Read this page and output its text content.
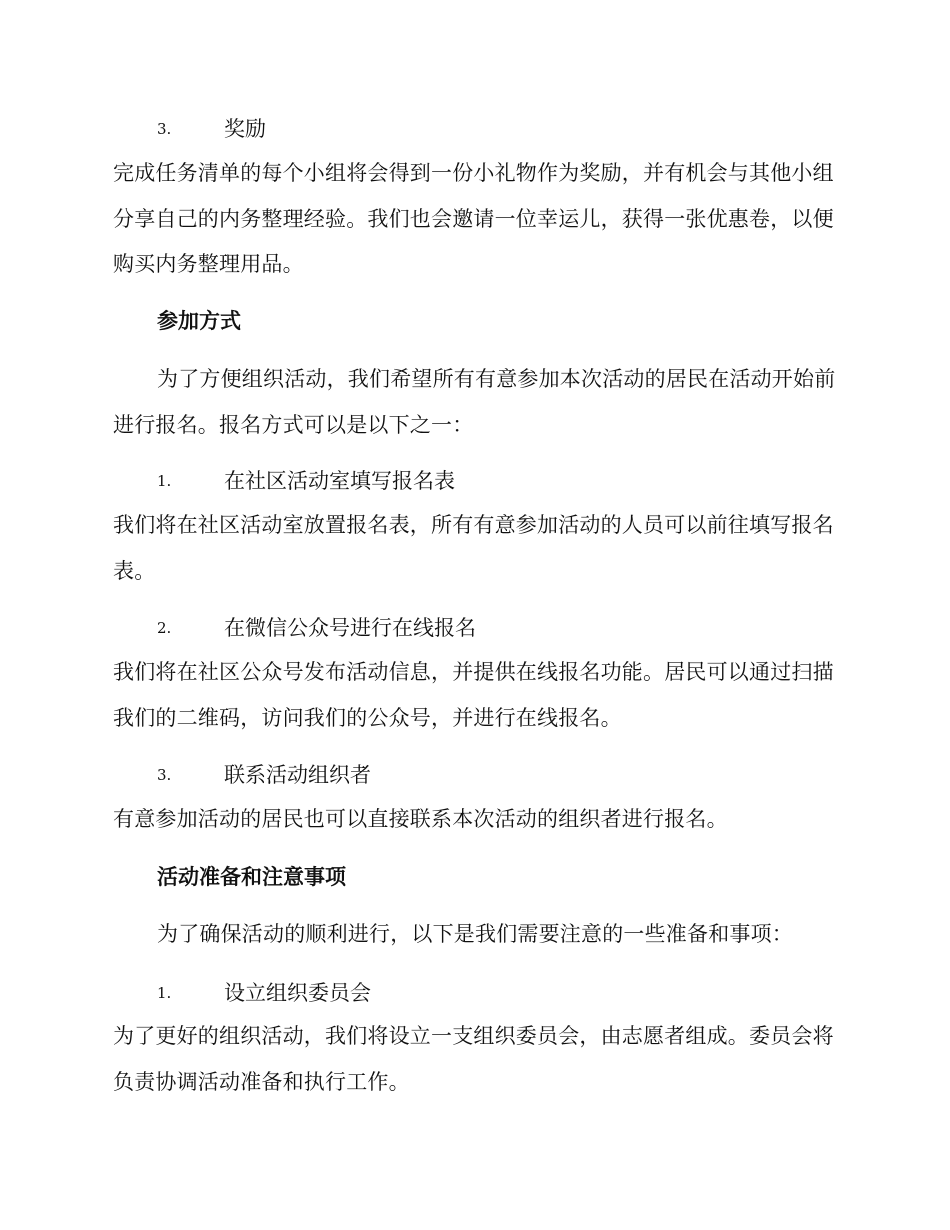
3.	奖励
完成任务清单的每个小组将会得到一份小礼物作为奖励，并有机会与其他小组分享自己的内务整理经验。我们也会邀请一位幸运儿，获得一张优惠卷，以便购买内务整理用品。
参加方式
为了方便组织活动，我们希望所有有意参加本次活动的居民在活动开始前进行报名。报名方式可以是以下之一：
1.	在社区活动室填写报名表
我们将在社区活动室放置报名表，所有有意参加活动的人员可以前往填写报名表。
2.	在微信公众号进行在线报名
我们将在社区公众号发布活动信息，并提供在线报名功能。居民可以通过扫描我们的二维码，访问我们的公众号，并进行在线报名。
3.	联系活动组织者
有意参加活动的居民也可以直接联系本次活动的组织者进行报名。
活动准备和注意事项
为了确保活动的顺利进行，以下是我们需要注意的一些准备和事项：
1.	设立组织委员会
为了更好的组织活动，我们将设立一支组织委员会，由志愿者组成。委员会将负责协调活动准备和执行工作。
